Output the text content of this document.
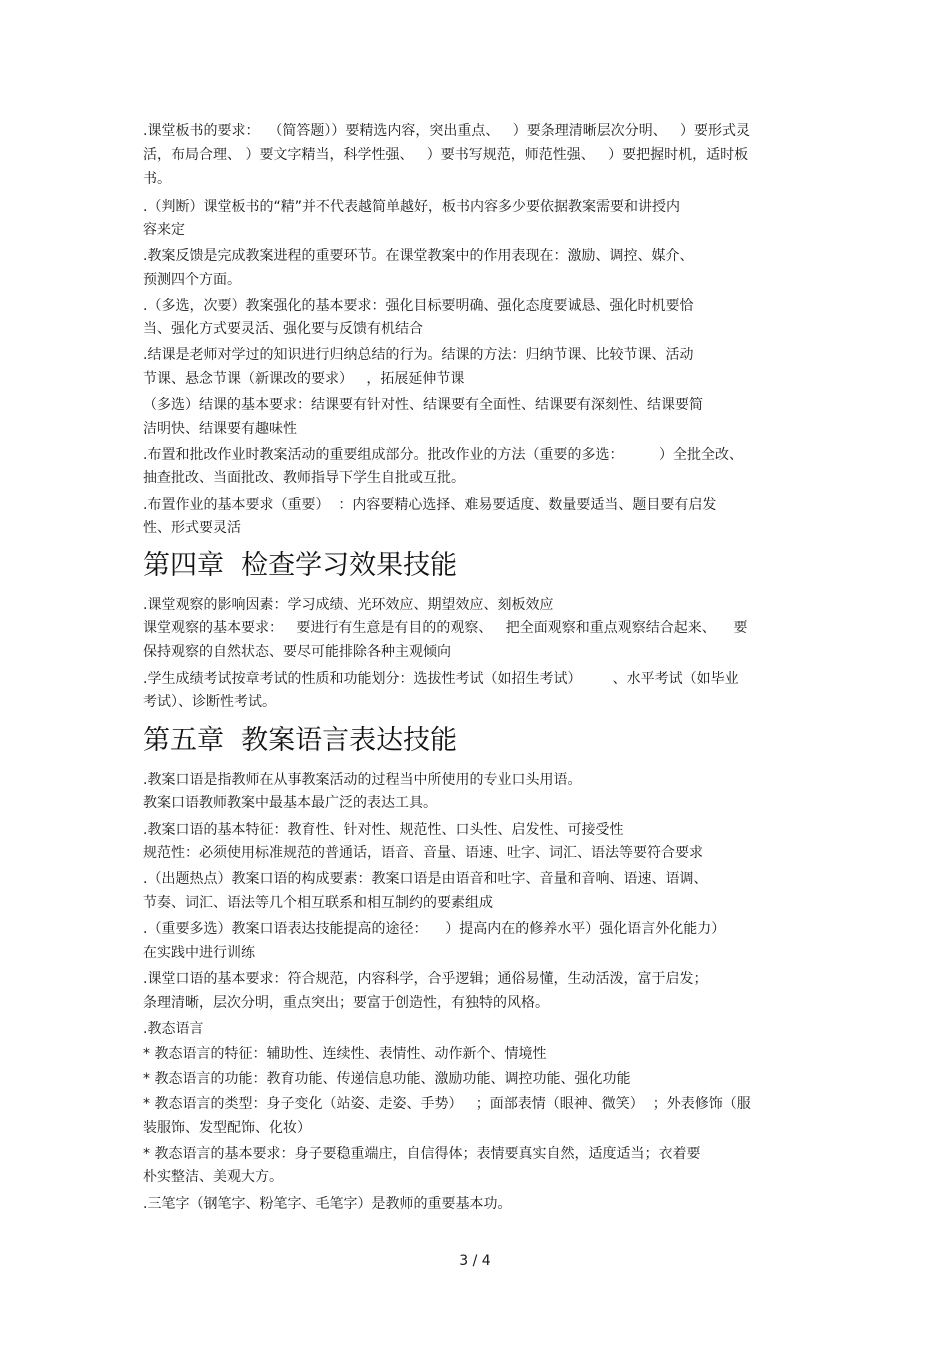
.课堂板书的要求：  （简答题））要精选内容，突出重点、   ）要条理清晰层次分明、   ）要形式灵
活，布局合理、 ）要文字精当，科学性强、   ）要书写规范，师范性强、   ）要把握时机，适时板
书。
.（判断）课堂板书的“精”并不代表越简单越好，板书内容多少要依据教案需要和讲授内
容来定
.教案反馈是完成教案进程的重要环节。在课堂教案中的作用表现在：激励、调控、媒介、
预测四个方面。
.（多选，次要）教案强化的基本要求：强化目标要明确、强化态度要诚恳、强化时机要恰
当、强化方式要灵活、强化要与反馈有机结合
.结课是老师对学过的知识进行归纳总结的行为。结课的方法：归纳节课、比较节课、活动
节课、悬念节课（新课改的要求）   ，拓展延伸节课
（多选）结课的基本要求：结课要有针对性、结课要有全面性、结课要有深刻性、结课要简
洁明快、结课要有趣味性
.布置和批改作业时教案活动的重要组成部分。批改作业的方法（重要的多选：        ）全批全改、
抽查批改、当面批改、教师指导下学生自批或互批。
.布置作业的基本要求（重要）  ：内容要精心选择、难易要适度、数量要适当、题目要有启发
性、形式要灵活
第四章  检查学习效果技能
.课堂观察的影响因素：学习成绩、光环效应、期望效应、刻板效应
课堂观察的基本要求：   要进行有生意是有目的的观察、   把全面观察和重点观察结合起来、    要
保持观察的自然状态、要尽可能排除各种主观倾向
.学生成绩考试按章考试的性质和功能划分：选拔性考试（如招生考试）       、水平考试（如毕业
考试）、诊断性考试。
第五章  教案语言表达技能
.教案口语是指教师在从事教案活动的过程当中所使用的专业口头用语。
教案口语教师教案中最基本最广泛的表达工具。
.教案口语的基本特征：教育性、针对性、规范性、口头性、启发性、可接受性
规范性：必须使用标准规范的普通话，语音、音量、语速、吐字、词汇、语法等要符合要求
.（出题热点）教案口语的构成要素：教案口语是由语音和吐字、音量和音响、语速、语调、
节奏、词汇、语法等几个相互联系和相互制约的要素组成
.（重要多选）教案口语表达技能提高的途径：    ）提高内在的修养水平）强化语言外化能力）
在实践中进行训练
.课堂口语的基本要求：符合规范，内容科学，合乎逻辑；通俗易懂，生动活泼，富于启发；
条理清晰，层次分明，重点突出；要富于创造性，有独特的风格。
.教态语言
* 教态语言的特征：辅助性、连续性、表情性、动作新个、情境性
* 教态语言的功能：教育功能、传递信息功能、激励功能、调控功能、强化功能
* 教态语言的类型：身子变化（站姿、走姿、手势）   ；面部表情（眼神、微笑）  ；外表修饰（服
装服饰、发型配饰、化妆）
* 教态语言的基本要求：身子要稳重端庄，自信得体；表情要真实自然，适度适当；衣着要
朴实整洁、美观大方。
.三笔字（钢笔字、粉笔字、毛笔字）是教师的重要基本功。
3 / 4
